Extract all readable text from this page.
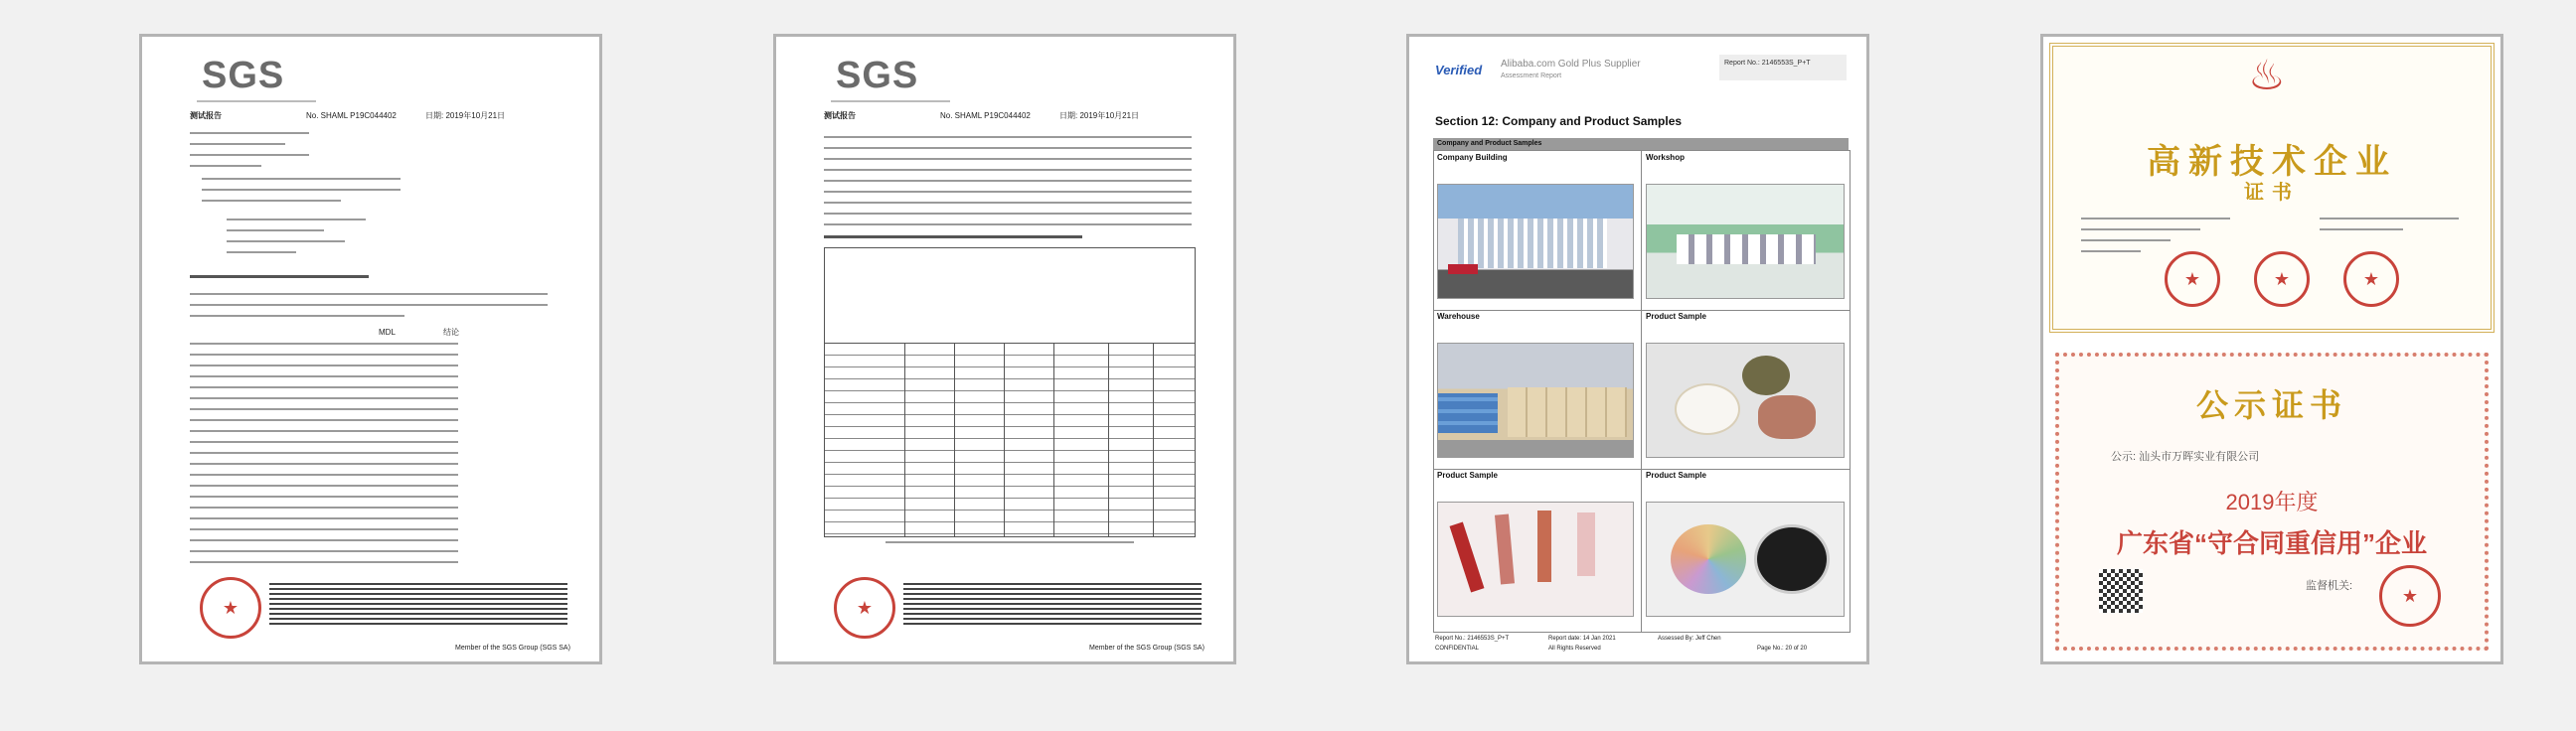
SGS
测试报告	No. SHAML P19C044402	日期: 2019年10月21日

MDL	结论
★
Member of the SGS Group (SGS SA)
SGS
测试报告	No. SHAML P19C044402	日期: 2019年10月21日
★
Member of the SGS Group (SGS SA)
Verified Alibaba.com Gold Plus Supplier
Assessment Report
Report No.: 2146553S_P+T
Section 12: Company and Product Samples
Company and Product Samples
Company Building	Workshop
Warehouse	Product Sample
Product Sample	Product Sample
Report No.: 2146553S_P+T	Report date: 14 Jan 2021	Assessed By: Jeff Chen
CONFIDENTIAL	All Rights Reserved	Page No.: 20 of 20
♨
高新技术企业
证书
★	★	★
公示证书
公示: 汕头市万晖实业有限公司
2019年度
广东省“守合同重信用”企业
监督机关:	★
